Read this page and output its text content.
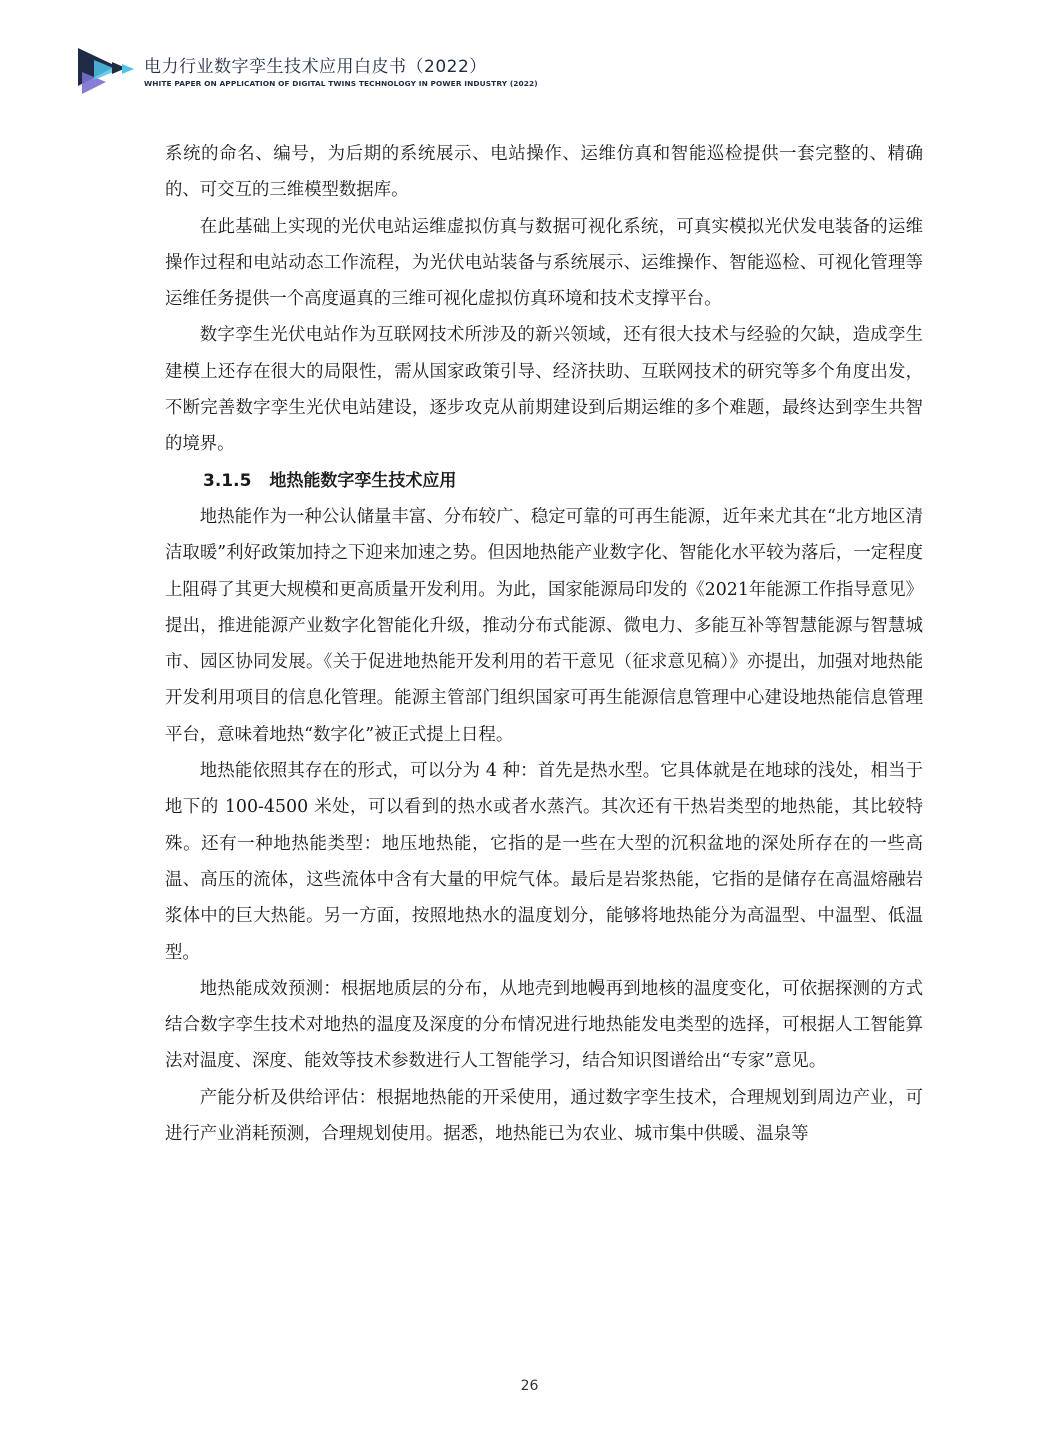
电力行业数字孪生技术应用白皮书（2022）
WHITE PAPER ON APPLICATION OF DIGITAL TWINS TECHNOLOGY IN POWER INDUSTRY (2022)

系统的命名、编号，为后期的系统展示、电站操作、运维仿真和智能巡检提供一套完整的、精确的、可交互的三维模型数据库。

在此基础上实现的光伏电站运维虚拟仿真与数据可视化系统，可真实模拟光伏发电装备的运维操作过程和电站动态工作流程，为光伏电站装备与系统展示、运维操作、智能巡检、可视化管理等运维任务提供一个高度逼真的三维可视化虚拟仿真环境和技术支撑平台。

数字孪生光伏电站作为互联网技术所涉及的新兴领域，还有很大技术与经验的欠缺，造成孪生建模上还存在很大的局限性，需从国家政策引导、经济扶助、互联网技术的研究等多个角度出发，不断完善数字孪生光伏电站建设，逐步攻克从前期建设到后期运维的多个难题，最终达到孪生共智的境界。

3.1.5 地热能数字孪生技术应用

地热能作为一种公认储量丰富、分布较广、稳定可靠的可再生能源，近年来尤其在“北方地区清洁取暖”利好政策加持之下迎来加速之势。但因地热能产业数字化、智能化水平较为落后，一定程度上阻碍了其更大规模和更高质量开发利用。为此，国家能源局印发的《2021年能源工作指导意见》提出，推进能源产业数字化智能化升级，推动分布式能源、微电力、多能互补等智慧能源与智慧城市、园区协同发展。《关于促进地热能开发利用的若干意见（征求意见稿）》亦提出，加强对地热能开发利用项目的信息化管理。能源主管部门组织国家可再生能源信息管理中心建设地热能信息管理平台，意味着地热“数字化”被正式提上日程。

地热能依照其存在的形式，可以分为 4 种：首先是热水型。它具体就是在地球的浅处，相当于地下的 100-4500 米处，可以看到的热水或者水蒸汽。其次还有干热岩类型的地热能，其比较特殊。还有一种地热能类型：地压地热能，它指的是一些在大型的沉积盆地的深处所存在的一些高温、高压的流体，这些流体中含有大量的甲烷气体。最后是岩浆热能，它指的是储存在高温熔融岩浆体中的巨大热能。另一方面，按照地热水的温度划分，能够将地热能分为高温型、中温型、低温型。

地热能成效预测：根据地质层的分布，从地壳到地幔再到地核的温度变化，可依据探测的方式结合数字孪生技术对地热的温度及深度的分布情况进行地热能发电类型的选择，可根据人工智能算法对温度、深度、能效等技术参数进行人工智能学习，结合知识图谱给出“专家”意见。

产能分析及供给评估：根据地热能的开采使用，通过数字孪生技术，合理规划到周边产业，可进行产业消耗预测，合理规划使用。据悉，地热能已为农业、城市集中供暖、温泉等

26
